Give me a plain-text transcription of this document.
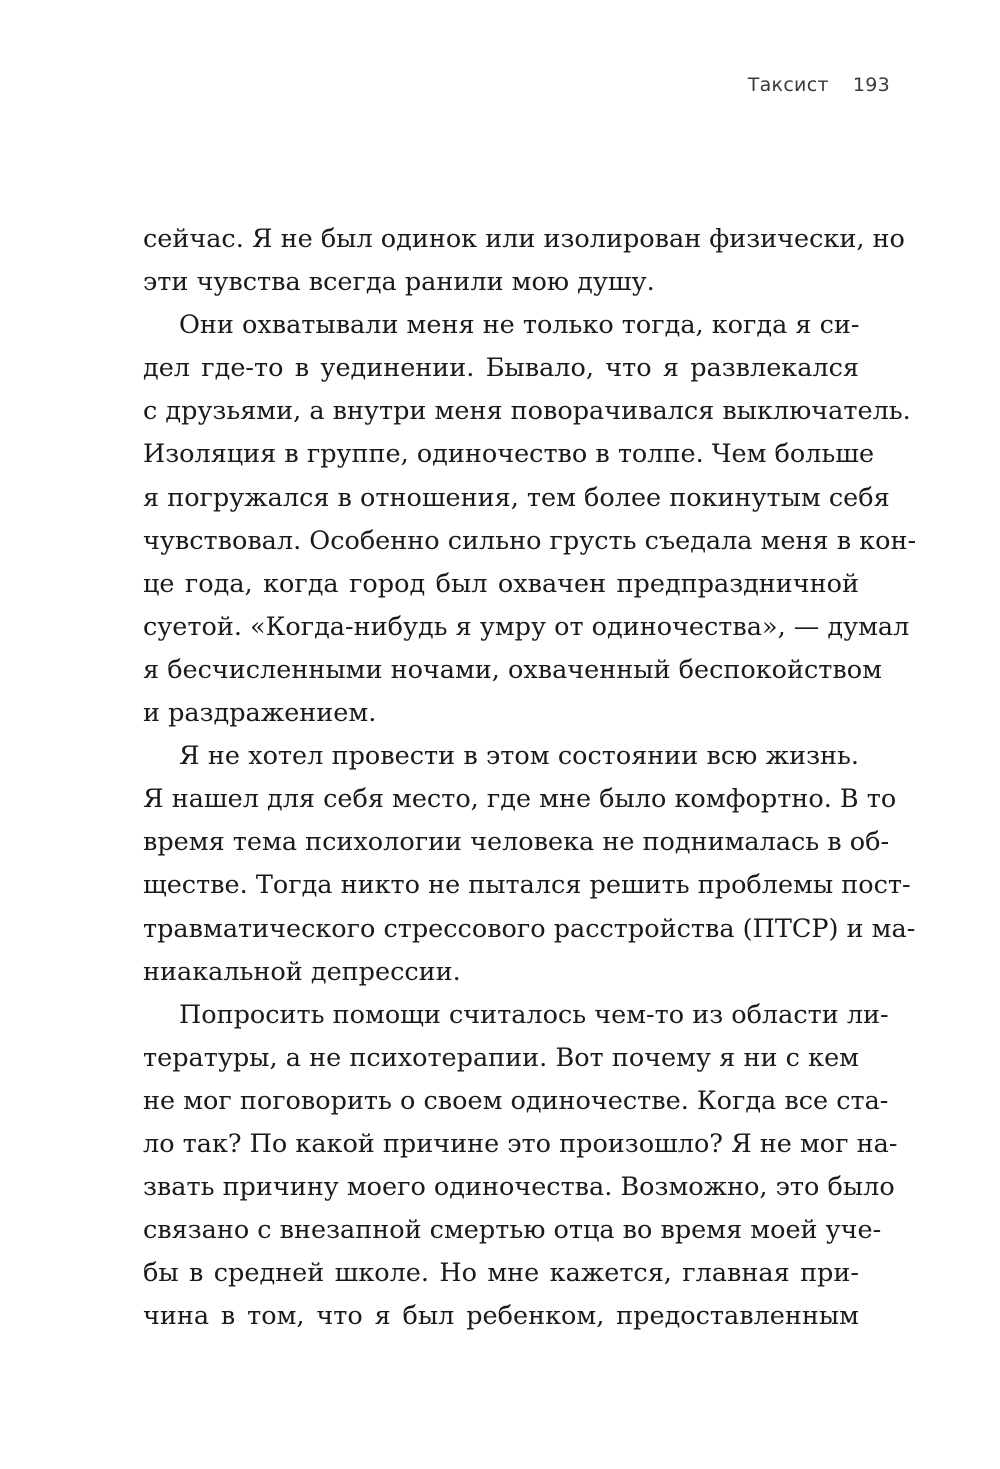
Таксист 193
сейчас. Я не был одинок или изолирован физически, но
эти чувства всегда ранили мою душу.
Они охватывали меня не только тогда, когда я си-
дел где-то в уединении. Бывало, что я развлекался
с друзьями, а внутри меня поворачивался выключатель.
Изоляция в группе, одиночество в толпе. Чем больше
я погружался в отношения, тем более покинутым себя
чувствовал. Особенно сильно грусть съедала меня в кон-
це года, когда город был охвачен предпраздничной
суетой. «Когда-нибудь я умру от одиночества», — думал
я бесчисленными ночами, охваченный беспокойством
и раздражением.
Я не хотел провести в этом состоянии всю жизнь.
Я нашел для себя место, где мне было комфортно. В то
время тема психологии человека не поднималась в об-
ществе. Тогда никто не пытался решить проблемы пост-
травматического стрессового расстройства (ПТСР) и ма-
ниакальной депрессии.
Попросить помощи считалось чем-то из области ли-
тературы, а не психотерапии. Вот почему я ни с кем
не мог поговорить о своем одиночестве. Когда все ста-
ло так? По какой причине это произошло? Я не мог на-
звать причину моего одиночества. Возможно, это было
связано с внезапной смертью отца во время моей уче-
бы в средней школе. Но мне кажется, главная при-
чина в том, что я был ребенком, предоставленным
